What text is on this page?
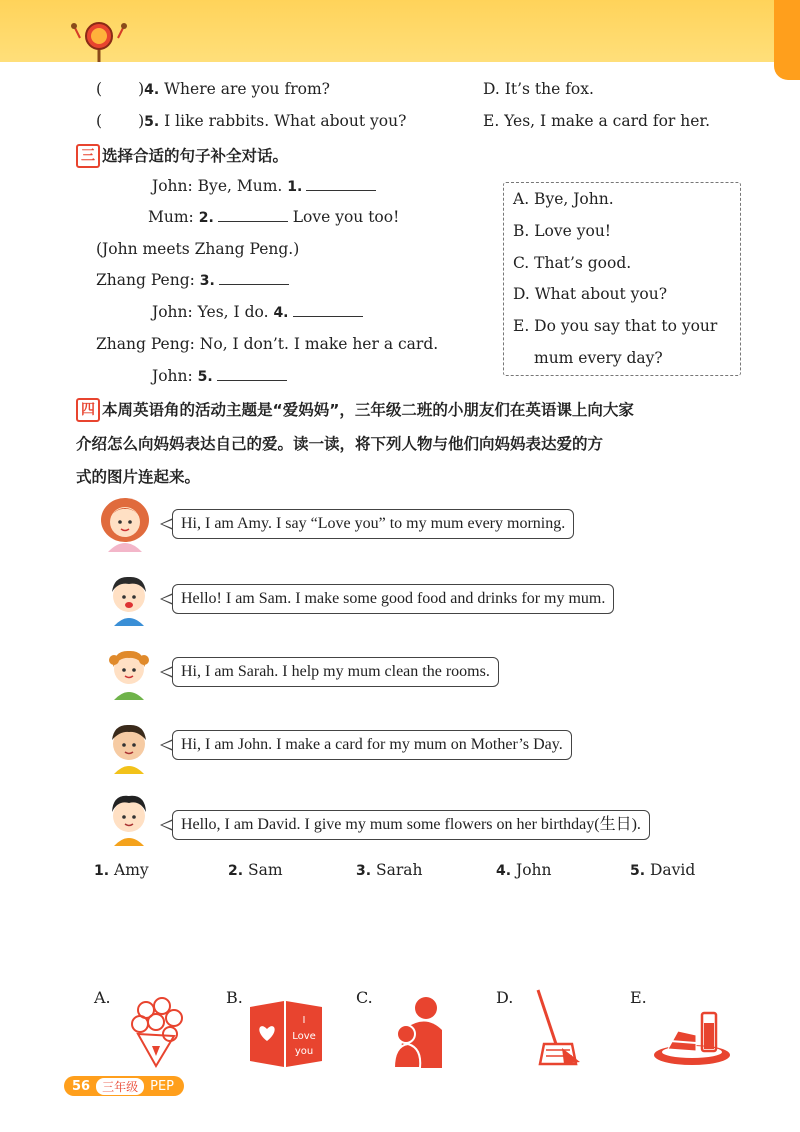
( )4. Where are you from?
( )5. I like rabbits. What about you?
D. It’s the fox.
E. Yes, I make a card for her.
三 选择合适的句子补全对话。
John: Bye, Mum. 1.
Mum: 2.	Love you too!
(John meets Zhang Peng.)
Zhang Peng: 3.
John: Yes, I do. 4.
Zhang Peng: No, I don’t. I make her a card.
John: 5.
A. Bye, John.
B. Love you!
C. That’s good.
D. What about you?
E. Do you say that to your
mum every day?
四 本周英语角的活动主题是“爱妈妈”，三年级二班的小朋友们在英语课上向大家
介绍怎么向妈妈表达自己的爱。读一读，将下列人物与他们向妈妈表达爱的方
式的图片连起来。
Hi, I am Amy. I say “Love you” to my mum every morning.
Hello! I am Sam. I make some good food and drinks for my mum.
Hi, I am Sarah. I help my mum clean the rooms.
Hi, I am John. I make a card for my mum on Mother’s Day.
Hello, I am David. I give my mum some flowers on her birthday(生日).
1. Amy	2. Sam	3. Sarah	4. John	5. David
A.	B.
I
Love
you
C.	D.	E.
56	三年级 PEP
